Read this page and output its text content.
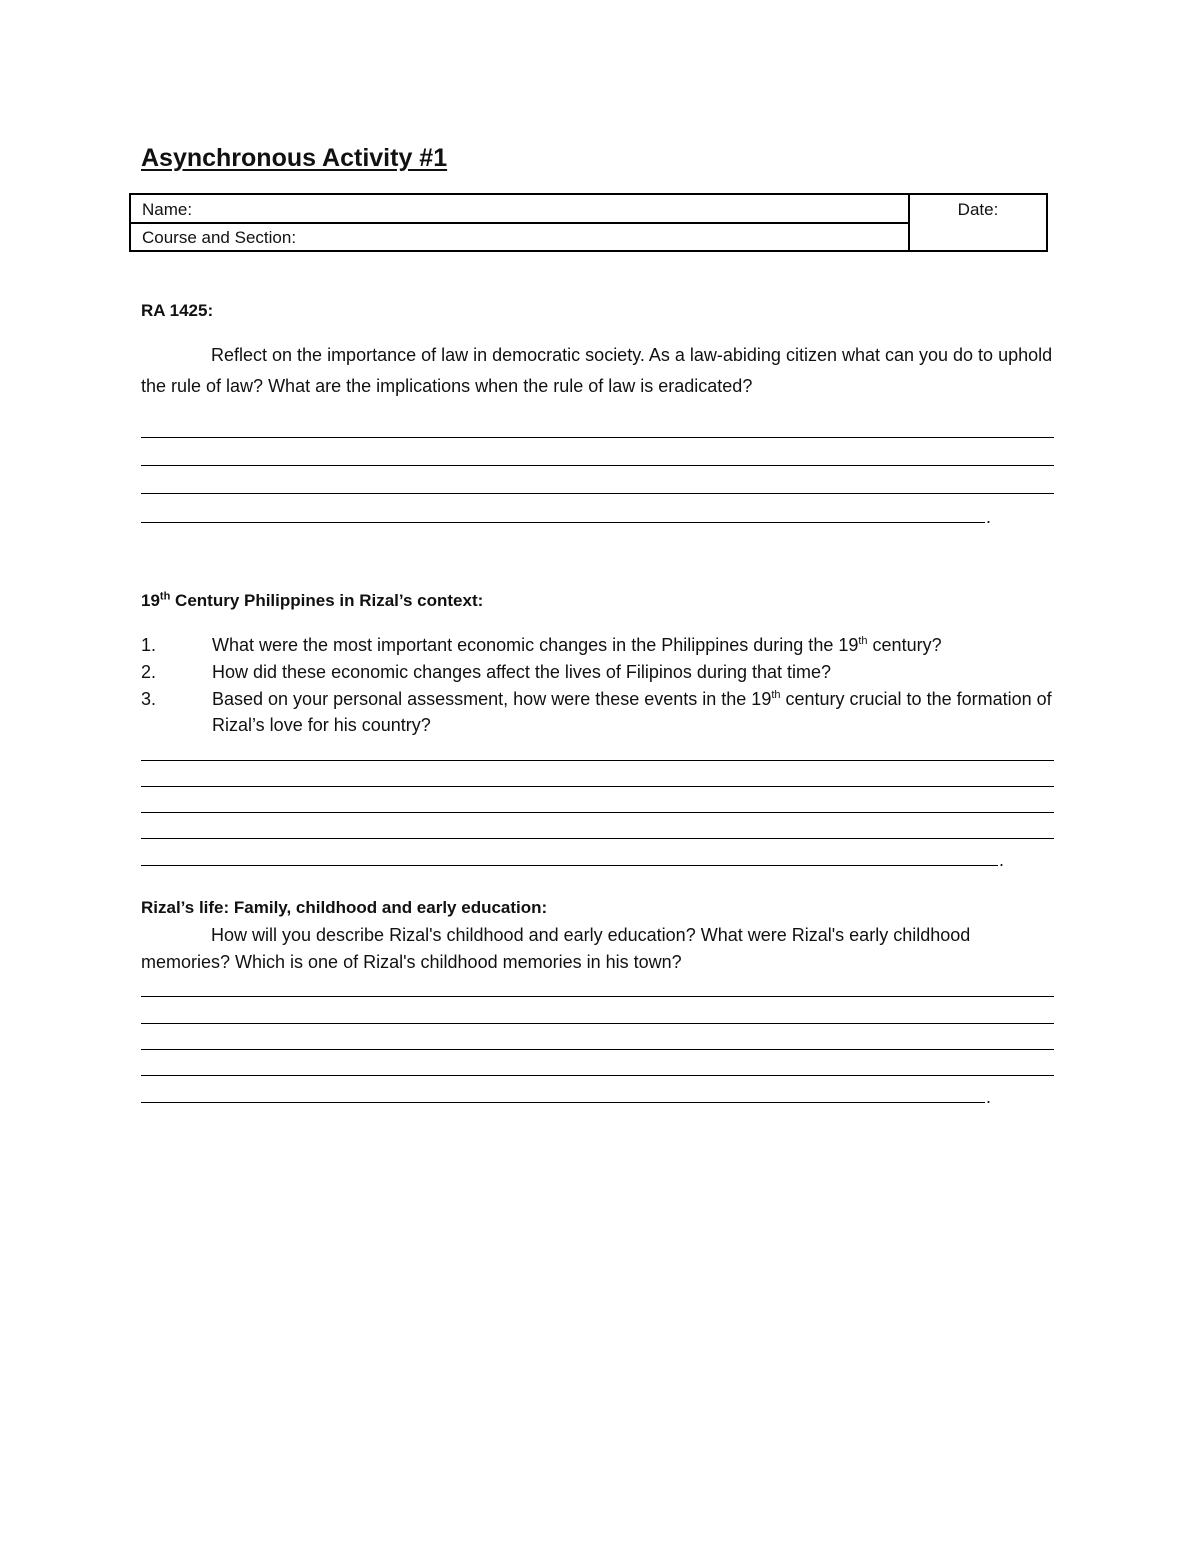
Asynchronous Activity #1
Name:
Course and Section:
Date:
RA 1425:
Reflect on the importance of law in democratic society. As a law-abiding citizen what can you do to uphold the rule of law? What are the implications when the rule of law is eradicated?
.
19th Century Philippines in Rizal’s context:
1.	What were the most important economic changes in the Philippines during the 19th century?
2.	How did these economic changes affect the lives of Filipinos during that time?
3.	Based on your personal assessment, how were these events in the 19th century crucial to the formation of Rizal’s love for his country?
.
Rizal’s life: Family, childhood and early education:
How will you describe Rizal's childhood and early education? What were Rizal's early childhood memories? Which is one of Rizal's childhood memories in his town?
.
